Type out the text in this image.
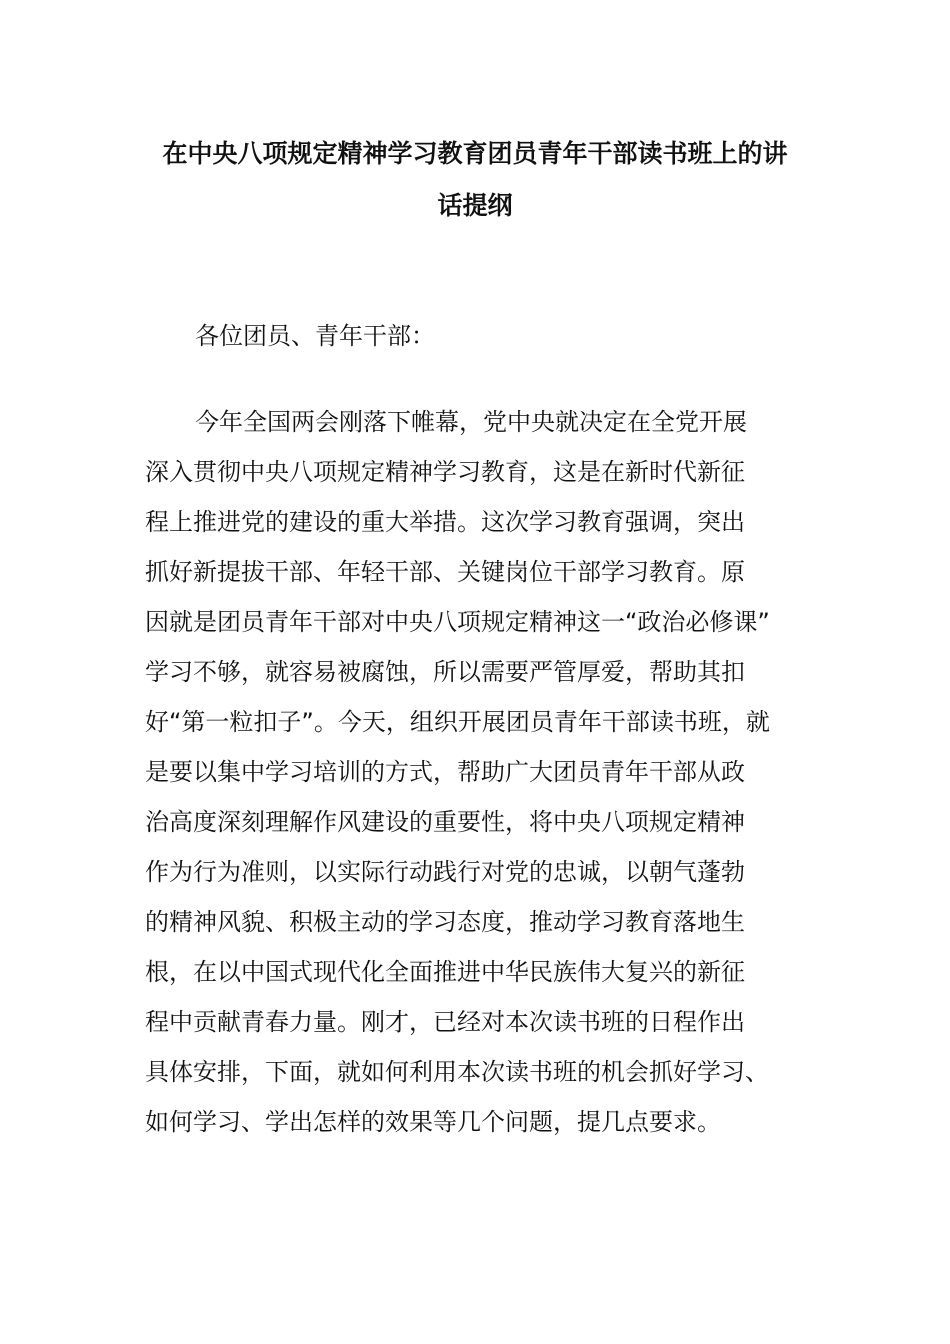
在中央八项规定精神学习教育团员青年干部读书班上的讲
话提纲
各位团员、青年干部：
今年全国两会刚落下帷幕，党中央就决定在全党开展
深入贯彻中央八项规定精神学习教育，这是在新时代新征
程上推进党的建设的重大举措。这次学习教育强调，突出
抓好新提拔干部、年轻干部、关键岗位干部学习教育。原
因就是团员青年干部对中央八项规定精神这一“政治必修课”
学习不够，就容易被腐蚀，所以需要严管厚爱，帮助其扣
好“第一粒扣子”。今天，组织开展团员青年干部读书班，就
是要以集中学习培训的方式，帮助广大团员青年干部从政
治高度深刻理解作风建设的重要性，将中央八项规定精神
作为行为准则，以实际行动践行对党的忠诚，以朝气蓬勃
的精神风貌、积极主动的学习态度，推动学习教育落地生
根，在以中国式现代化全面推进中华民族伟大复兴的新征
程中贡献青春力量。刚才，已经对本次读书班的日程作出
具体安排，下面，就如何利用本次读书班的机会抓好学习、
如何学习、学出怎样的效果等几个问题，提几点要求。
